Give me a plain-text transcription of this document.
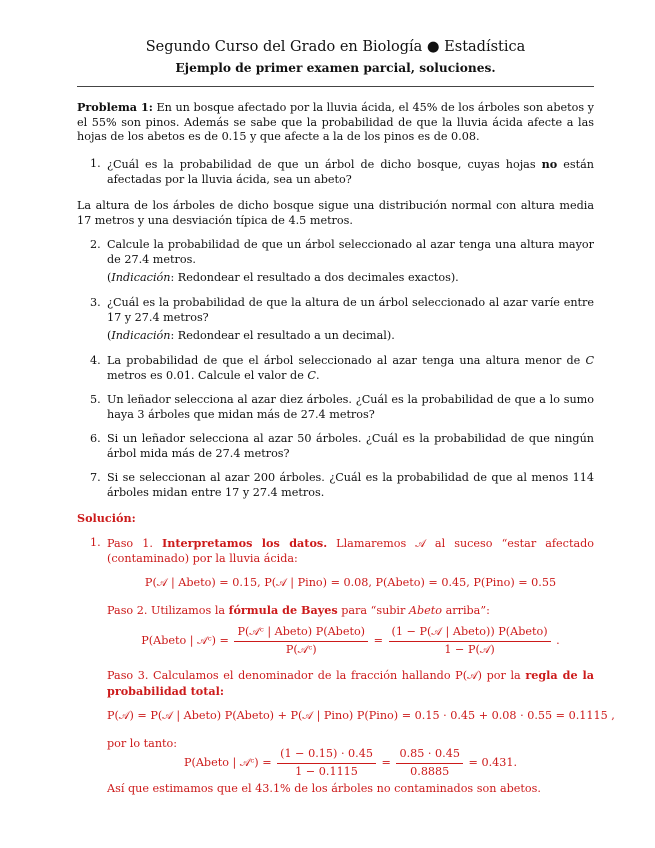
Segundo Curso del Grado en Biología ● Estadística
Ejemplo de primer examen parcial, soluciones.
Problema 1: En un bosque afectado por la lluvia ácida, el 45% de los árboles son abetos y el 55% son pinos. Además se sabe que la probabilidad de que la lluvia ácida afecte a las hojas de los abetos es de 0.15 y que afecte a la de los pinos es de 0.08.
1. ¿Cuál es la probabilidad de que un árbol de dicho bosque, cuyas hojas no están afectadas por la lluvia ácida, sea un abeto?
La altura de los árboles de dicho bosque sigue una distribución normal con altura media 17 metros y una desviación típica de 4.5 metros.
2. Calcule la probabilidad de que un árbol seleccionado al azar tenga una altura mayor de 27.4 metros.
(Indicación: Redondear el resultado a dos decimales exactos).
3. ¿Cuál es la probabilidad de que la altura de un árbol seleccionado al azar varíe entre 17 y 27.4 metros?
(Indicación: Redondear el resultado a un decimal).
4. La probabilidad de que el árbol seleccionado al azar tenga una altura menor de C metros es 0.01. Calcule el valor de C.
5. Un leñador selecciona al azar diez árboles. ¿Cuál es la probabilidad de que a lo sumo haya 3 árboles que midan más de 27.4 metros?
6. Si un leñador selecciona al azar 50 árboles. ¿Cuál es la probabilidad de que ningún árbol mida más de 27.4 metros?
7. Si se seleccionan al azar 200 árboles. ¿Cuál es la probabilidad de que al menos 114 árboles midan entre 17 y 27.4 metros.
Solución:
1. Paso 1. Interpretamos los datos. Llamaremos 𝒜 al suceso “estar afectado (contaminado) por la lluvia ácida:
P(𝒜 | Abeto) = 0.15, P(𝒜 | Pino) = 0.08, P(Abeto) = 0.45, P(Pino) = 0.55
Paso 2. Utilizamos la fórmula de Bayes para “subir Abeto arriba”:
P(Abeto | 𝒜ᶜ) = $\frac{\text{P(𝒜ᶜ | Abeto) P(Abeto)}}{\text{P(𝒜ᶜ)}} = \frac{\text{(1 − P(𝒜 | Abeto)) P(Abeto)}}{\text{1 − P(𝒜)}}$ .
Paso 3. Calculamos el denominador de la fracción hallando P(𝒜) por la regla de la probabilidad total:
P(𝒜) = P(𝒜 | Abeto) P(Abeto) + P(𝒜 | Pino) P(Pino) = 0.15 · 0.45 + 0.08 · 0.55 = 0.1115 ,
por lo tanto:
P(Abeto | 𝒜ᶜ) = $\frac{(1 - 0.15) \cdot 0.45}{1 - 0.1115} = \frac{0.85 \cdot 0.45}{0.8885} = 0.431$.
Así que estimamos que el 43.1% de los árboles no contaminados son abetos.
